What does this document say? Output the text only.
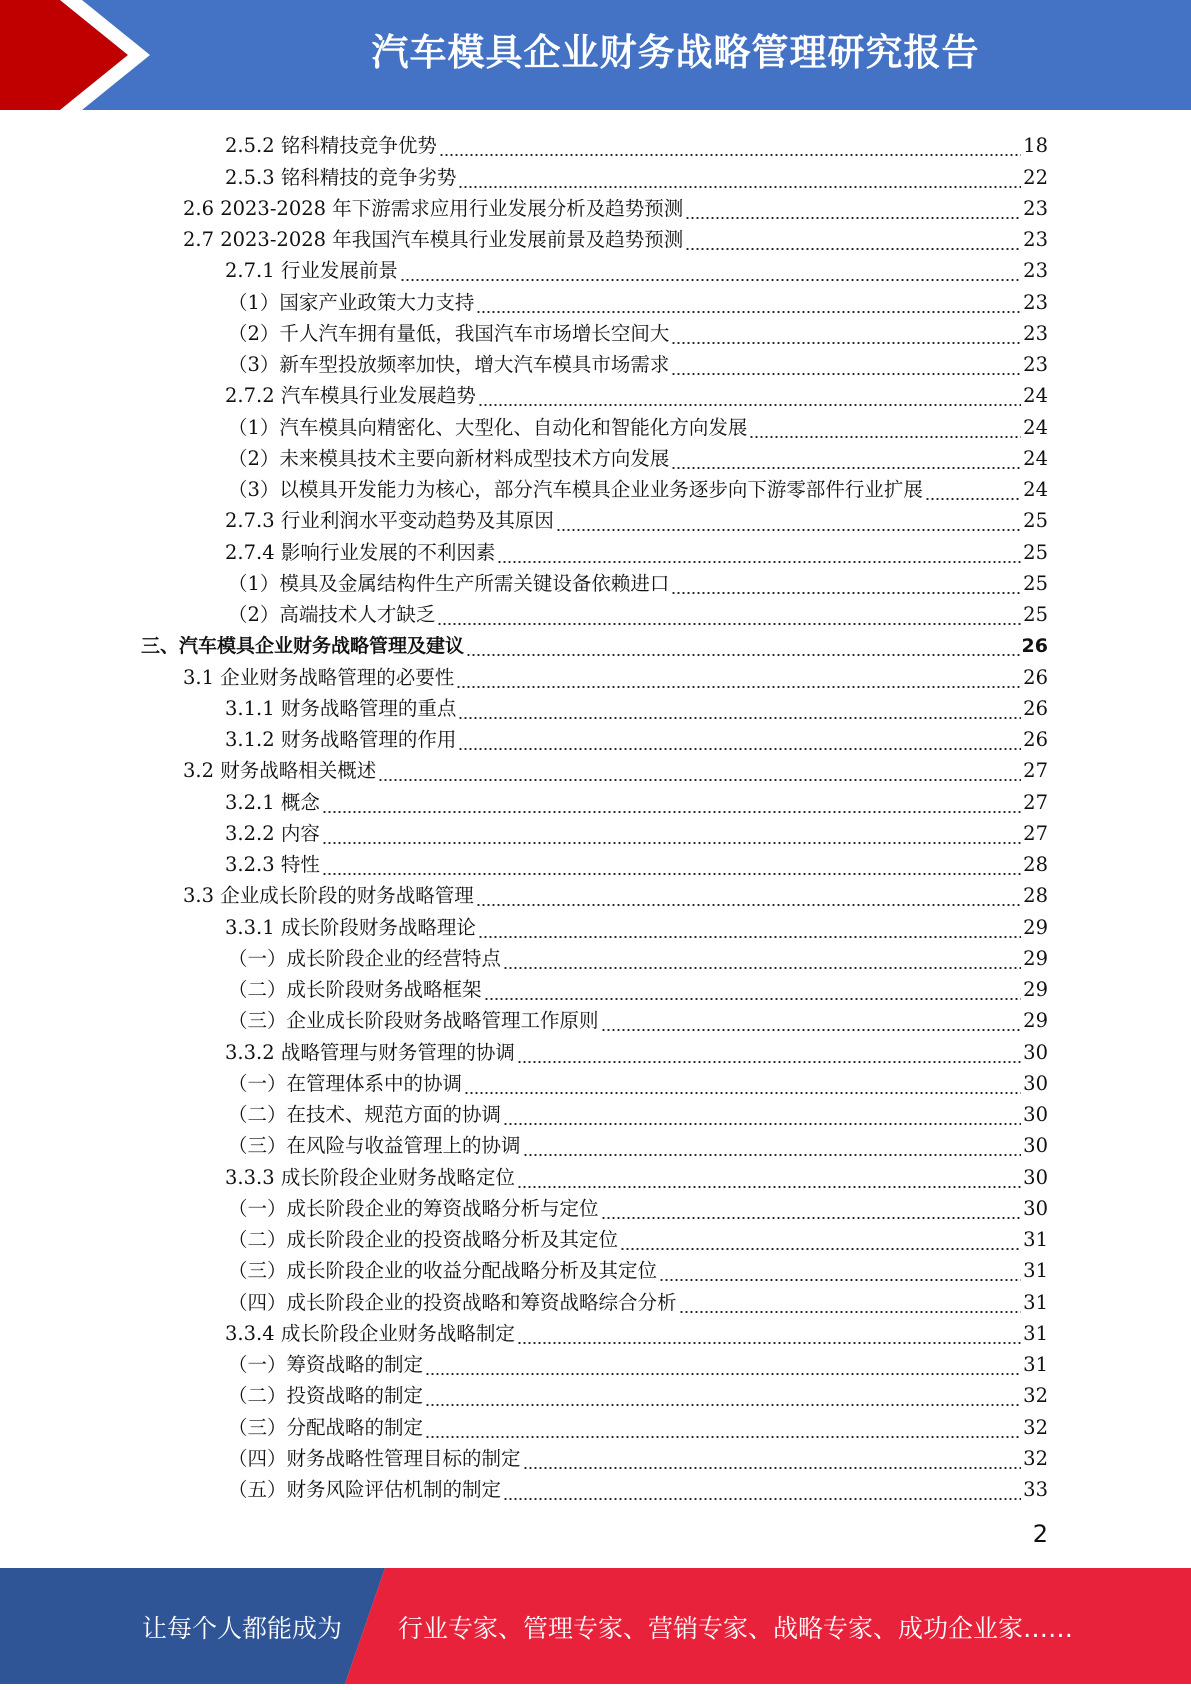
汽车模具企业财务战略管理研究报告
2.5.2 铭科精技竞争优势	18
2.5.3 铭科精技的竞争劣势	22
2.6 2023-2028 年下游需求应用行业发展分析及趋势预测	23
2.7 2023-2028 年我国汽车模具行业发展前景及趋势预测	23
2.7.1 行业发展前景	23
（1）国家产业政策大力支持	23
（2）千人汽车拥有量低，我国汽车市场增长空间大	23
（3）新车型投放频率加快，增大汽车模具市场需求	23
2.7.2 汽车模具行业发展趋势	24
（1）汽车模具向精密化、大型化、自动化和智能化方向发展	24
（2）未来模具技术主要向新材料成型技术方向发展	24
（3）以模具开发能力为核心，部分汽车模具企业业务逐步向下游零部件行业扩展	24
2.7.3 行业利润水平变动趋势及其原因	25
2.7.4 影响行业发展的不利因素	25
（1）模具及金属结构件生产所需关键设备依赖进口	25
（2）高端技术人才缺乏	25
三、汽车模具企业财务战略管理及建议	26
3.1 企业财务战略管理的必要性	26
3.1.1 财务战略管理的重点	26
3.1.2 财务战略管理的作用	26
3.2 财务战略相关概述	27
3.2.1 概念	27
3.2.2 内容	27
3.2.3 特性	28
3.3 企业成长阶段的财务战略管理	28
3.3.1 成长阶段财务战略理论	29
（一）成长阶段企业的经营特点	29
（二）成长阶段财务战略框架	29
（三）企业成长阶段财务战略管理工作原则	29
3.3.2 战略管理与财务管理的协调	30
（一）在管理体系中的协调	30
（二）在技术、规范方面的协调	30
（三）在风险与收益管理上的协调	30
3.3.3 成长阶段企业财务战略定位	30
（一）成长阶段企业的筹资战略分析与定位	30
（二）成长阶段企业的投资战略分析及其定位	31
（三）成长阶段企业的收益分配战略分析及其定位	31
（四）成长阶段企业的投资战略和筹资战略综合分析	31
3.3.4 成长阶段企业财务战略制定	31
（一）筹资战略的制定	31
（二）投资战略的制定	32
（三）分配战略的制定	32
（四）财务战略性管理目标的制定	32
（五）财务风险评估机制的制定	33
2
让每个人都能成为 行业专家、管理专家、营销专家、战略专家、成功企业家……
